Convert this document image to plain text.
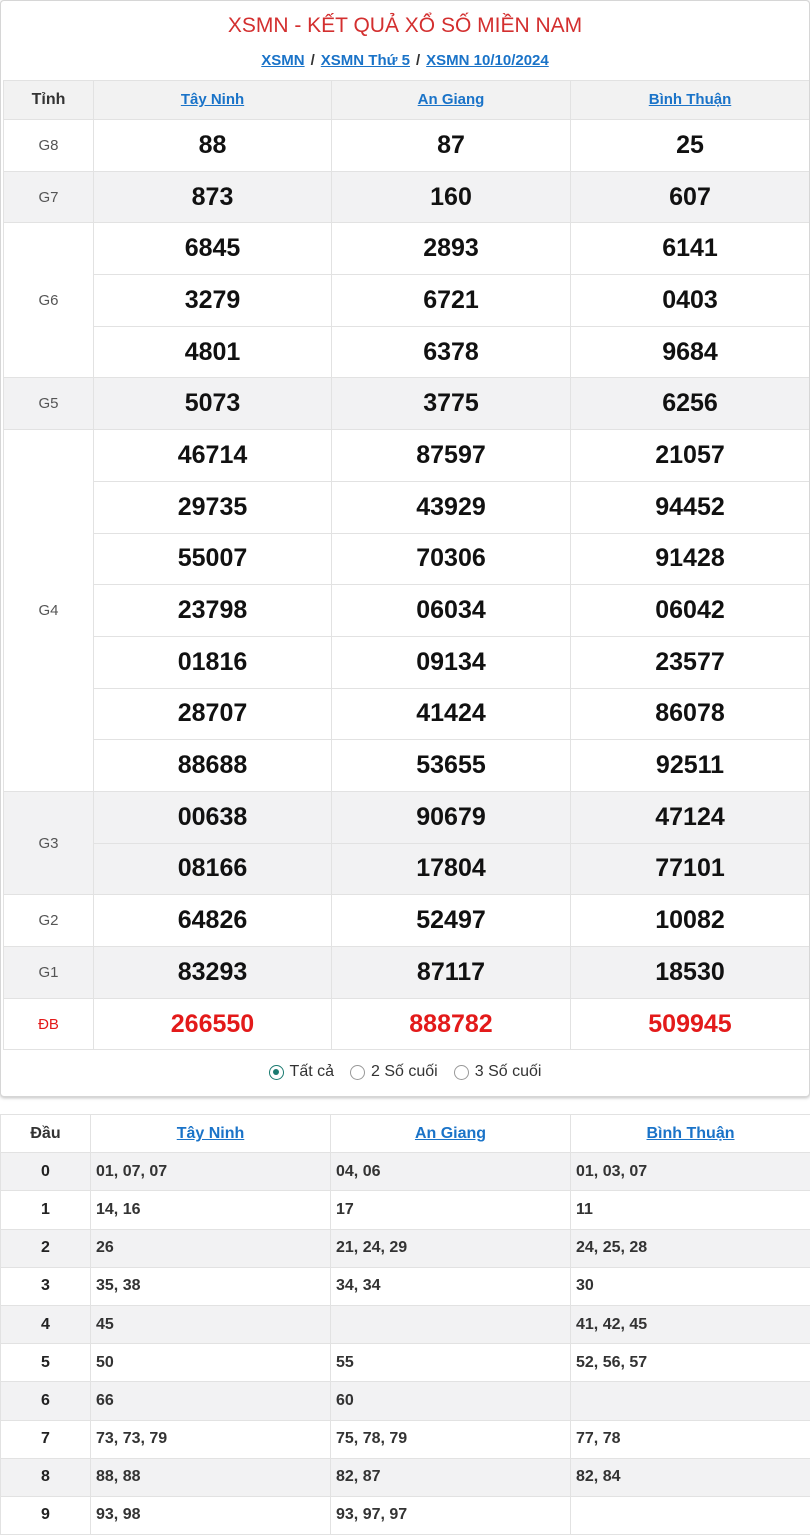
XSMN - KẾT QUẢ XỔ SỐ MIỀN NAM
XSMN / XSMN Thứ 5 / XSMN 10/10/2024
Tỉnh	Tây Ninh	An Giang	Bình Thuận
G8	88	87	25
G7	873	160	607
G6	6845	2893	6141
	3279	6721	0403
	4801	6378	9684
G5	5073	3775	6256
G4	46714	87597	21057
	29735	43929	94452
	55007	70306	91428
	23798	06034	06042
	01816	09134	23577
	28707	41424	86078
	88688	53655	92511
G3	00638	90679	47124
	08166	17804	77101
G2	64826	52497	10082
G1	83293	87117	18530
ĐB	266550	888782	509945
Tất cả 2 Số cuối 3 Số cuối
Đầu	Tây Ninh	An Giang	Bình Thuận
0	01, 07, 07	04, 06	01, 03, 07
1	14, 16	17	11
2	26	21, 24, 29	24, 25, 28
3	35, 38	34, 34	30
4	45		41, 42, 45
5	50	55	52, 56, 57
6	66	60	
7	73, 73, 79	75, 78, 79	77, 78
8	88, 88	82, 87	82, 84
9	93, 98	93, 97, 97	
